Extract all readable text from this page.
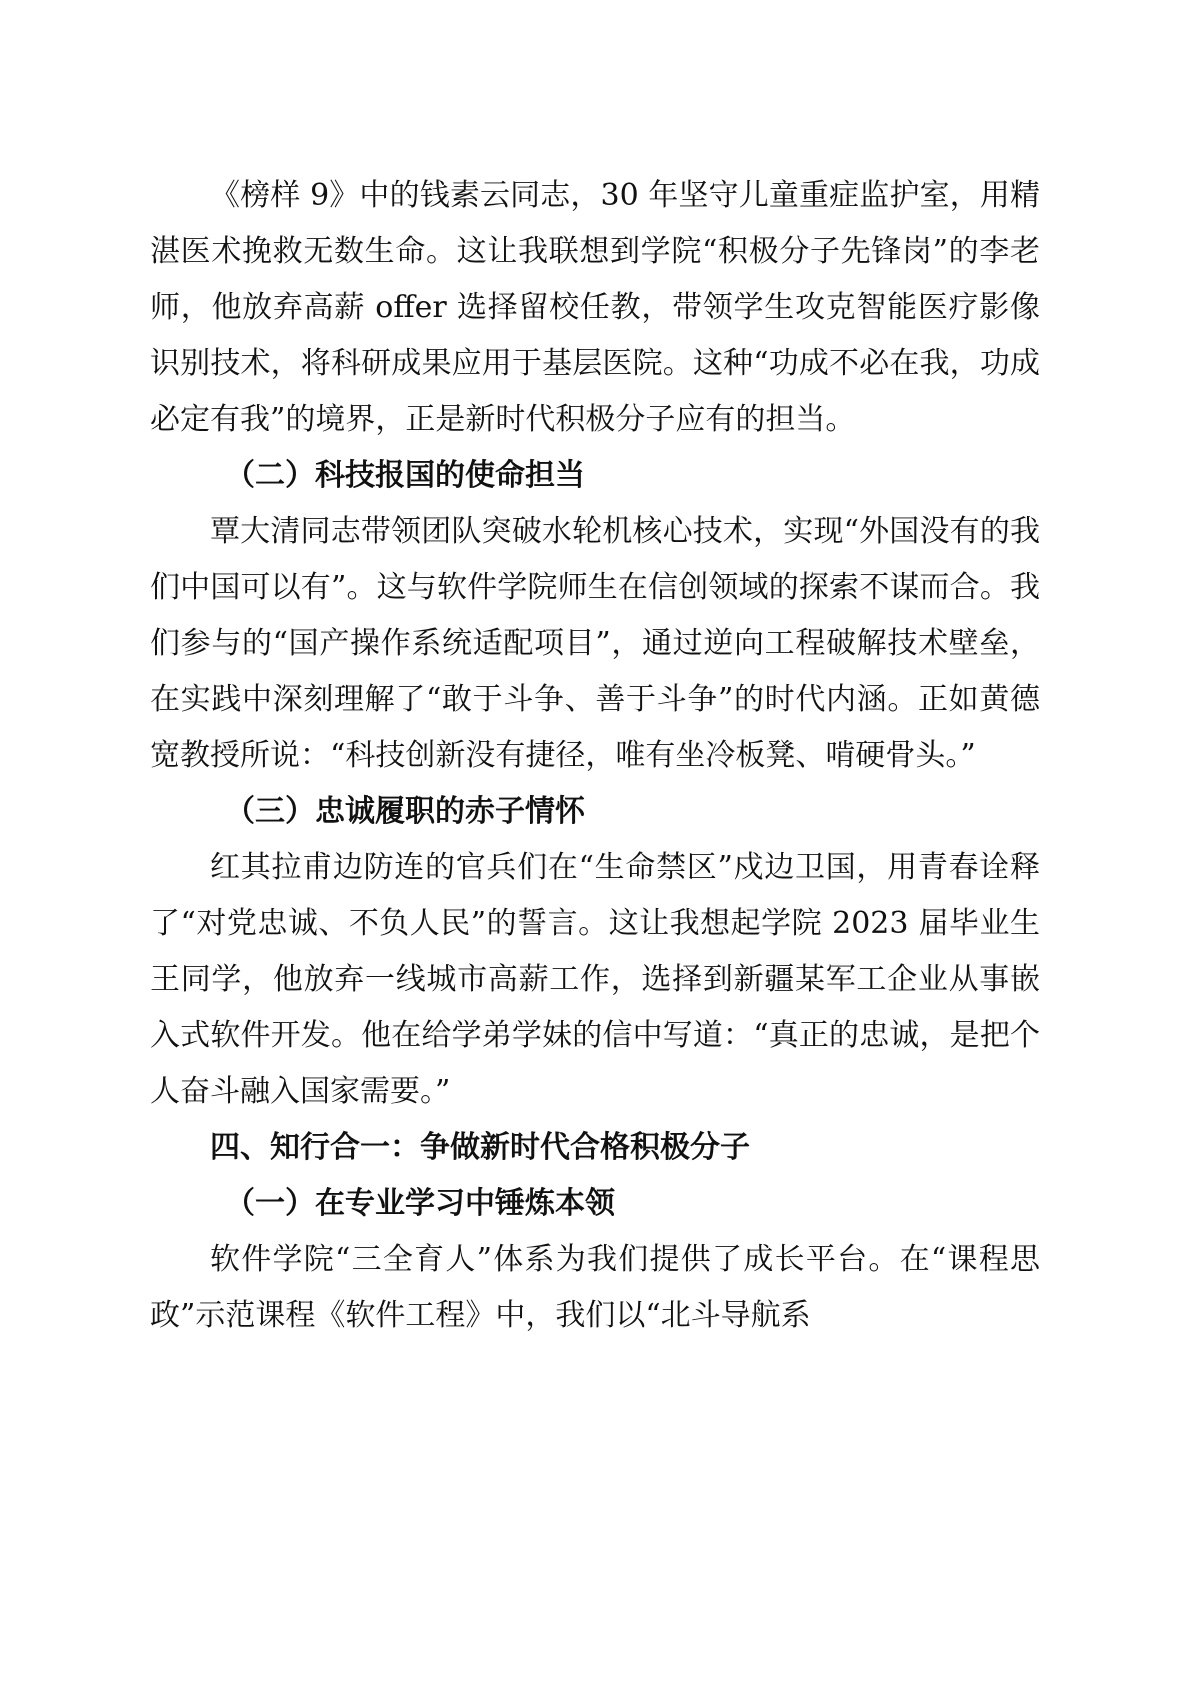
《榜样 9》中的钱素云同志，30 年坚守儿童重症监护室，用精湛医术挽救无数生命。这让我联想到学院“积极分子先锋岗”的李老师，他放弃高薪 offer 选择留校任教，带领学生攻克智能医疗影像识别技术，将科研成果应用于基层医院。这种“功成不必在我，功成必定有我”的境界，正是新时代积极分子应有的担当。

（二）科技报国的使命担当

覃大清同志带领团队突破水轮机核心技术，实现“外国没有的我们中国可以有”。这与软件学院师生在信创领域的探索不谋而合。我们参与的“国产操作系统适配项目”，通过逆向工程破解技术壁垒，在实践中深刻理解了“敢于斗争、善于斗争”的时代内涵。正如黄德宽教授所说：“科技创新没有捷径，唯有坐冷板凳、啃硬骨头。”

（三）忠诚履职的赤子情怀

红其拉甫边防连的官兵们在“生命禁区”戍边卫国，用青春诠释了“对党忠诚、不负人民”的誓言。这让我想起学院 2023 届毕业生王同学，他放弃一线城市高薪工作，选择到新疆某军工企业从事嵌入式软件开发。他在给学弟学妹的信中写道：“真正的忠诚，是把个人奋斗融入国家需要。”

四、知行合一：争做新时代合格积极分子

（一）在专业学习中锤炼本领

软件学院“三全育人”体系为我们提供了成长平台。在“课程思政”示范课程《软件工程》中，我们以“北斗导航系
